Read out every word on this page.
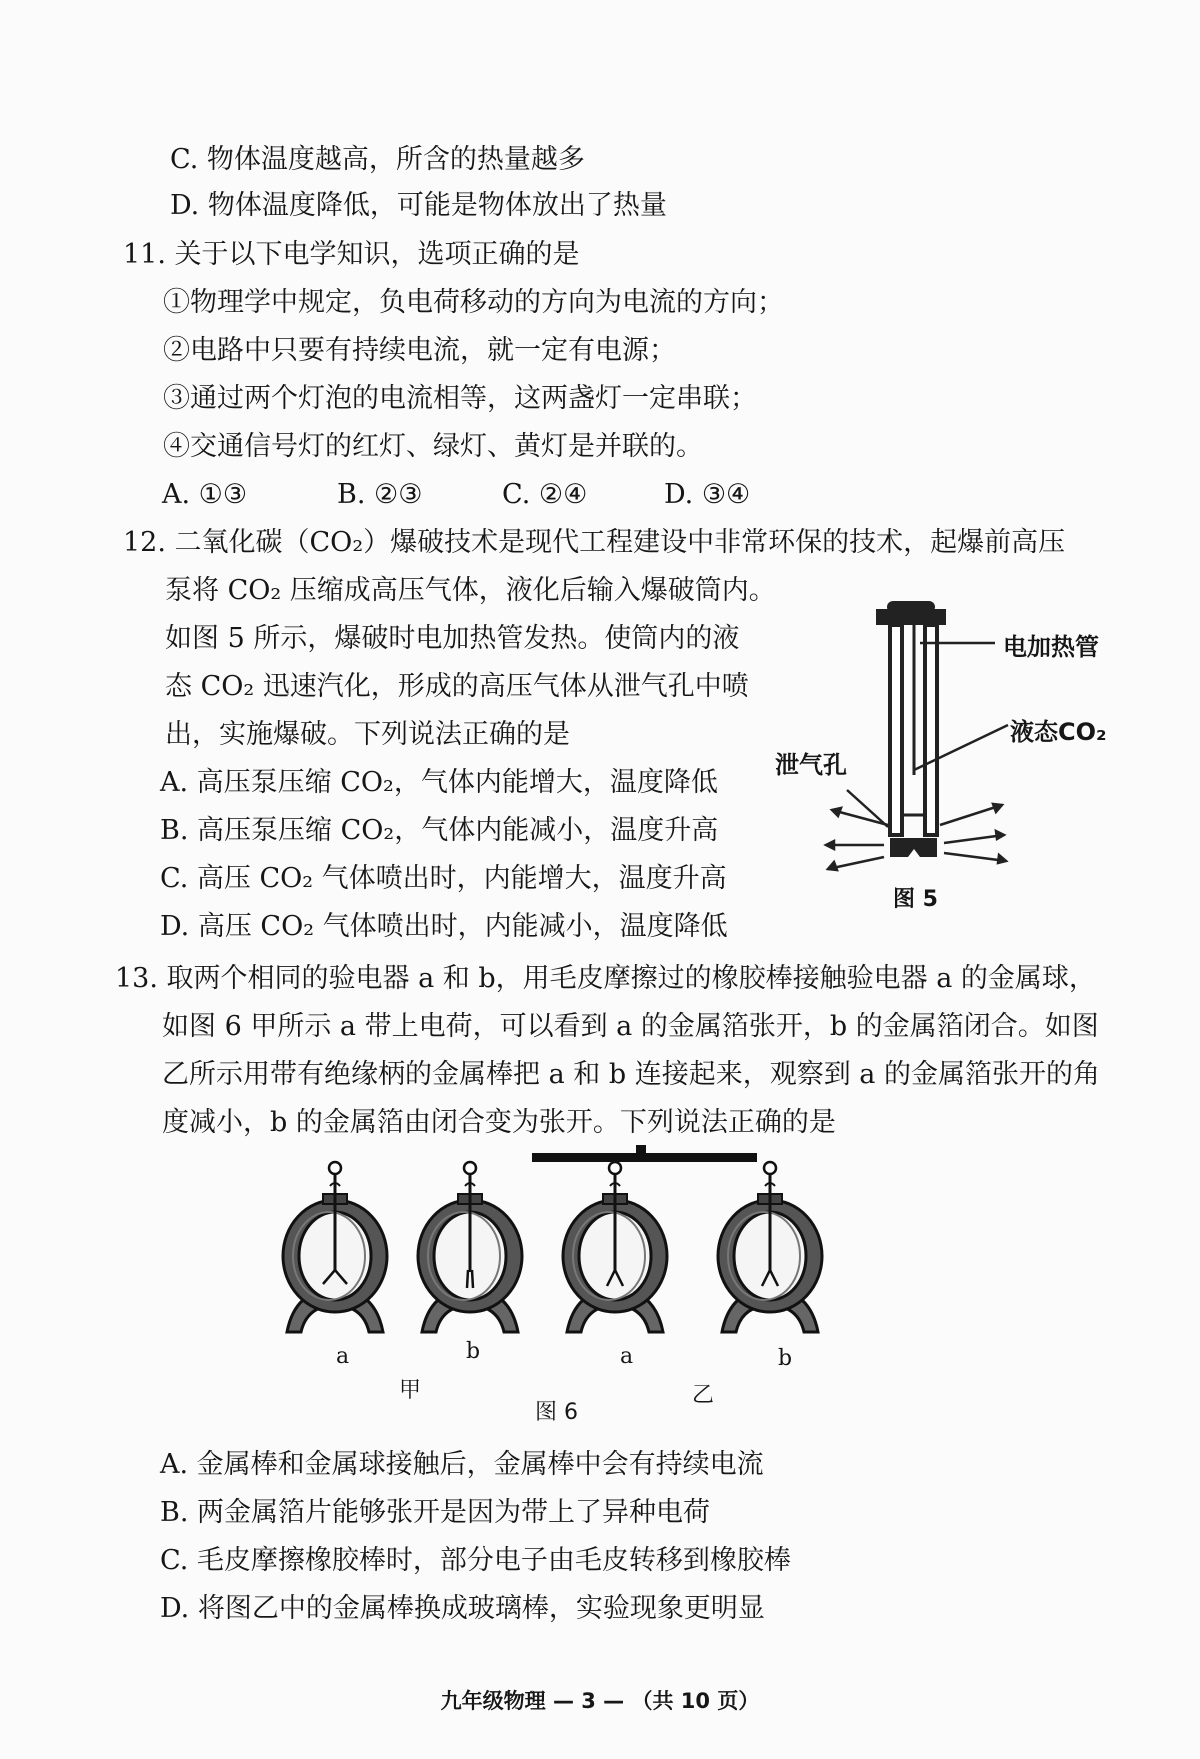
C. 物体温度越高，所含的热量越多
D. 物体温度降低，可能是物体放出了热量
11. 关于以下电学知识，选项正确的是
①物理学中规定，负电荷移动的方向为电流的方向；
②电路中只要有持续电流，就一定有电源；
③通过两个灯泡的电流相等，这两盏灯一定串联；
④交通信号灯的红灯、绿灯、黄灯是并联的。
A. ①③	B. ②③	C. ②④	D. ③④
12. 二氧化碳（CO₂）爆破技术是现代工程建设中非常环保的技术，起爆前高压
泵将 CO₂ 压缩成高压气体，液化后输入爆破筒内。
如图 5 所示，爆破时电加热管发热。使筒内的液
态 CO₂ 迅速汽化，形成的高压气体从泄气孔中喷
出，实施爆破。下列说法正确的是
A. 高压泵压缩 CO₂，气体内能增大，温度降低
B. 高压泵压缩 CO₂，气体内能减小，温度升高
C. 高压 CO₂ 气体喷出时，内能增大，温度升高
D. 高压 CO₂ 气体喷出时，内能减小，温度降低
电加热管
液态CO₂
泄气孔
图 5
13. 取两个相同的验电器 a 和 b，用毛皮摩擦过的橡胶棒接触验电器 a 的金属球，
如图 6 甲所示 a 带上电荷，可以看到 a 的金属箔张开，b 的金属箔闭合。如图
乙所示用带有绝缘柄的金属棒把 a 和 b 连接起来，观察到 a 的金属箔张开的角
度减小，b 的金属箔由闭合变为张开。下列说法正确的是
a	b	a	b
甲	乙
图 6
A. 金属棒和金属球接触后，金属棒中会有持续电流
B. 两金属箔片能够张开是因为带上了异种电荷
C. 毛皮摩擦橡胶棒时，部分电子由毛皮转移到橡胶棒
D. 将图乙中的金属棒换成玻璃棒，实验现象更明显
九年级物理 — 3 — （共 10 页）
